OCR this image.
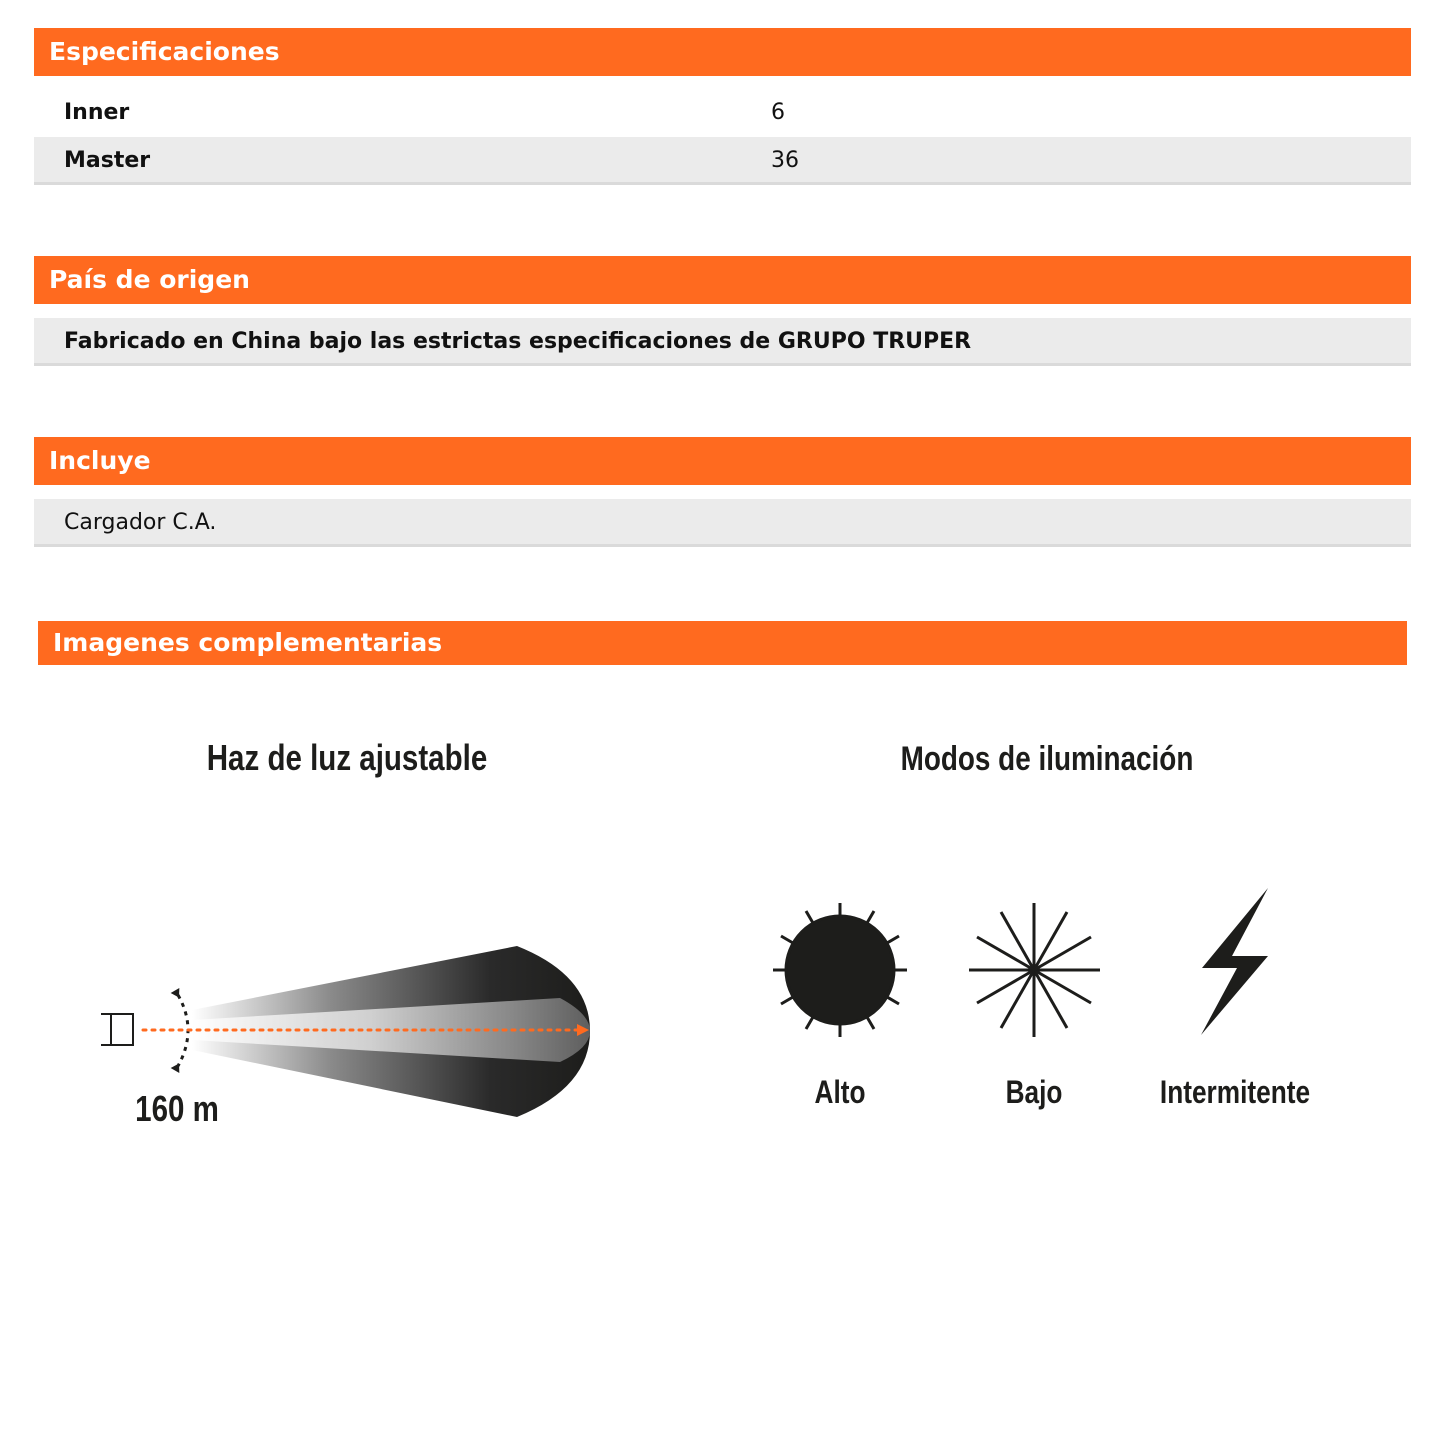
Especificaciones
Inner	6
Master	36
País de origen
Fabricado en China bajo las estrictas especificaciones de GRUPO TRUPER
Incluye
Cargador C.A.
Imagenes complementarias
Haz de luz ajustable
160 m
Modos de iluminación
Alto	Bajo	Intermitente
